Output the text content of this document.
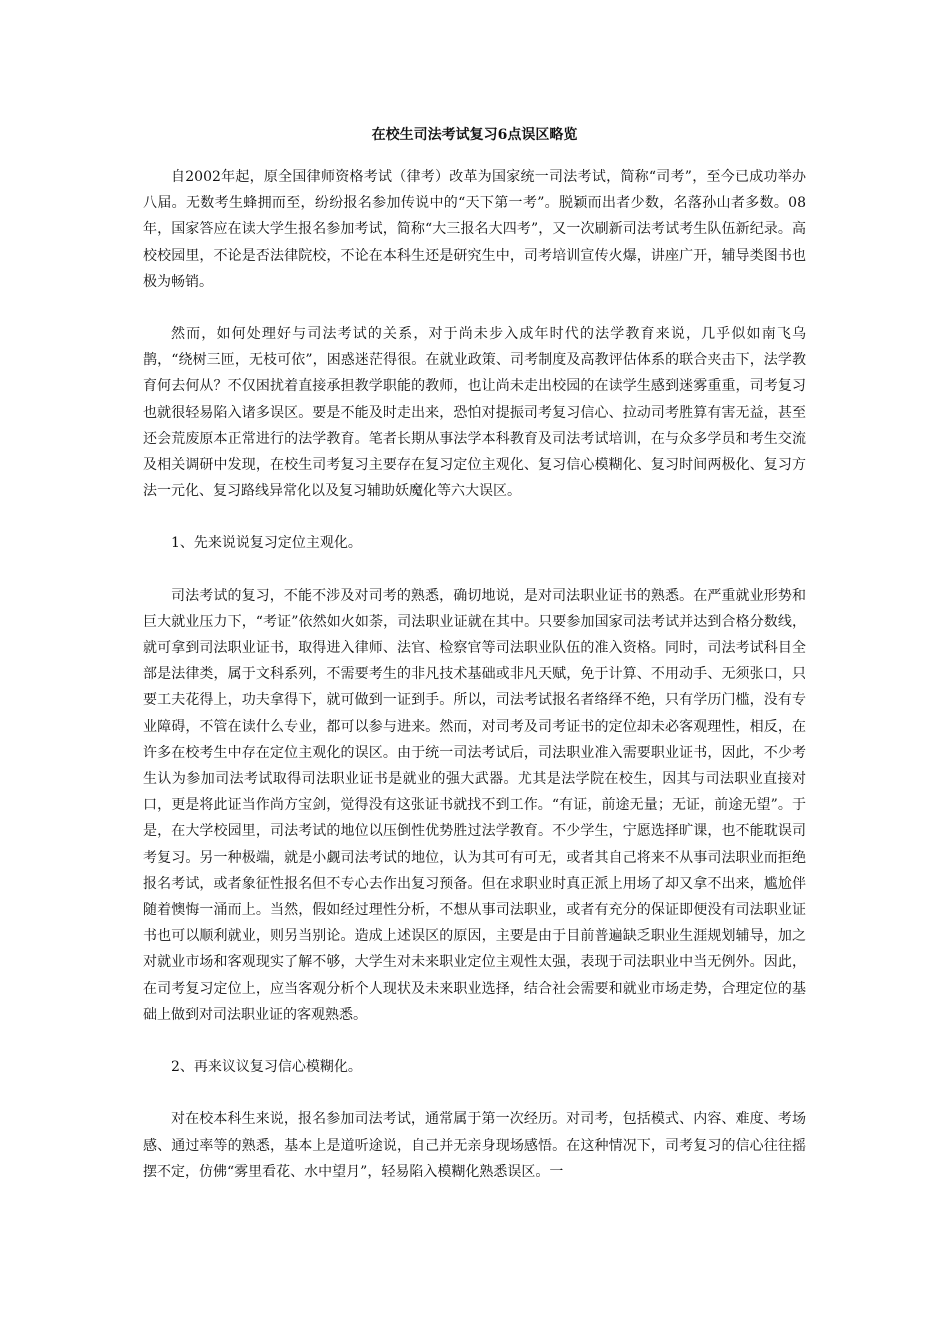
在校生司法考试复习6点误区略览

自2002年起，原全国律师资格考试（律考）改革为国家统一司法考试，简称“司考”，至今已成功举办八届。无数考生蜂拥而至，纷纷报名参加传说中的“天下第一考”。脱颖而出者少数，名落孙山者多数。08年，国家答应在读大学生报名参加考试，简称“大三报名大四考”，又一次刷新司法考试考生队伍新纪录。高校校园里，不论是否法律院校，不论在本科生还是研究生中，司考培训宣传火爆，讲座广开，辅导类图书也极为畅销。

然而，如何处理好与司法考试的关系，对于尚未步入成年时代的法学教育来说，几乎似如南飞乌鹊，“绕树三匝，无枝可依”，困惑迷茫得很。在就业政策、司考制度及高教评估体系的联合夹击下，法学教育何去何从？不仅困扰着直接承担教学职能的教师，也让尚未走出校园的在读学生感到迷雾重重，司考复习也就很轻易陷入诸多误区。要是不能及时走出来，恐怕对提振司考复习信心、拉动司考胜算有害无益，甚至还会荒废原本正常进行的法学教育。笔者长期从事法学本科教育及司法考试培训，在与众多学员和考生交流及相关调研中发现，在校生司考复习主要存在复习定位主观化、复习信心模糊化、复习时间两极化、复习方法一元化、复习路线异常化以及复习辅助妖魔化等六大误区。

1、先来说说复习定位主观化。

司法考试的复习，不能不涉及对司考的熟悉，确切地说，是对司法职业证书的熟悉。在严重就业形势和巨大就业压力下，“考证”依然如火如荼，司法职业证就在其中。只要参加国家司法考试并达到合格分数线，就可拿到司法职业证书，取得进入律师、法官、检察官等司法职业队伍的准入资格。同时，司法考试科目全部是法律类，属于文科系列，不需要考生的非凡技术基础或非凡天赋，免于计算、不用动手、无须张口，只要工夫花得上，功夫拿得下，就可做到一证到手。所以，司法考试报名者络绎不绝，只有学历门槛，没有专业障碍，不管在读什么专业，都可以参与进来。然而，对司考及司考证书的定位却未必客观理性，相反，在许多在校考生中存在定位主观化的误区。由于统一司法考试后，司法职业准入需要职业证书，因此，不少考生认为参加司法考试取得司法职业证书是就业的强大武器。尤其是法学院在校生，因其与司法职业直接对口，更是将此证当作尚方宝剑，觉得没有这张证书就找不到工作。“有证，前途无量；无证，前途无望”。于是，在大学校园里，司法考试的地位以压倒性优势胜过法学教育。不少学生，宁愿选择旷课，也不能耽误司考复习。另一种极端，就是小觑司法考试的地位，认为其可有可无，或者其自己将来不从事司法职业而拒绝报名考试，或者象征性报名但不专心去作出复习预备。但在求职业时真正派上用场了却又拿不出来，尴尬伴随着懊悔一涌而上。当然，假如经过理性分析，不想从事司法职业，或者有充分的保证即便没有司法职业证书也可以顺利就业，则另当别论。造成上述误区的原因，主要是由于目前普遍缺乏职业生涯规划辅导，加之对就业市场和客观现实了解不够，大学生对未来职业定位主观性太强，表现于司法职业中当无例外。因此，在司考复习定位上，应当客观分析个人现状及未来职业选择，结合社会需要和就业市场走势，合理定位的基础上做到对司法职业证的客观熟悉。

2、再来议议复习信心模糊化。

对在校本科生来说，报名参加司法考试，通常属于第一次经历。对司考，包括模式、内容、难度、考场感、通过率等的熟悉，基本上是道听途说，自己并无亲身现场感悟。在这种情况下，司考复习的信心往往摇摆不定，仿佛“雾里看花、水中望月”，轻易陷入模糊化熟悉误区。一
